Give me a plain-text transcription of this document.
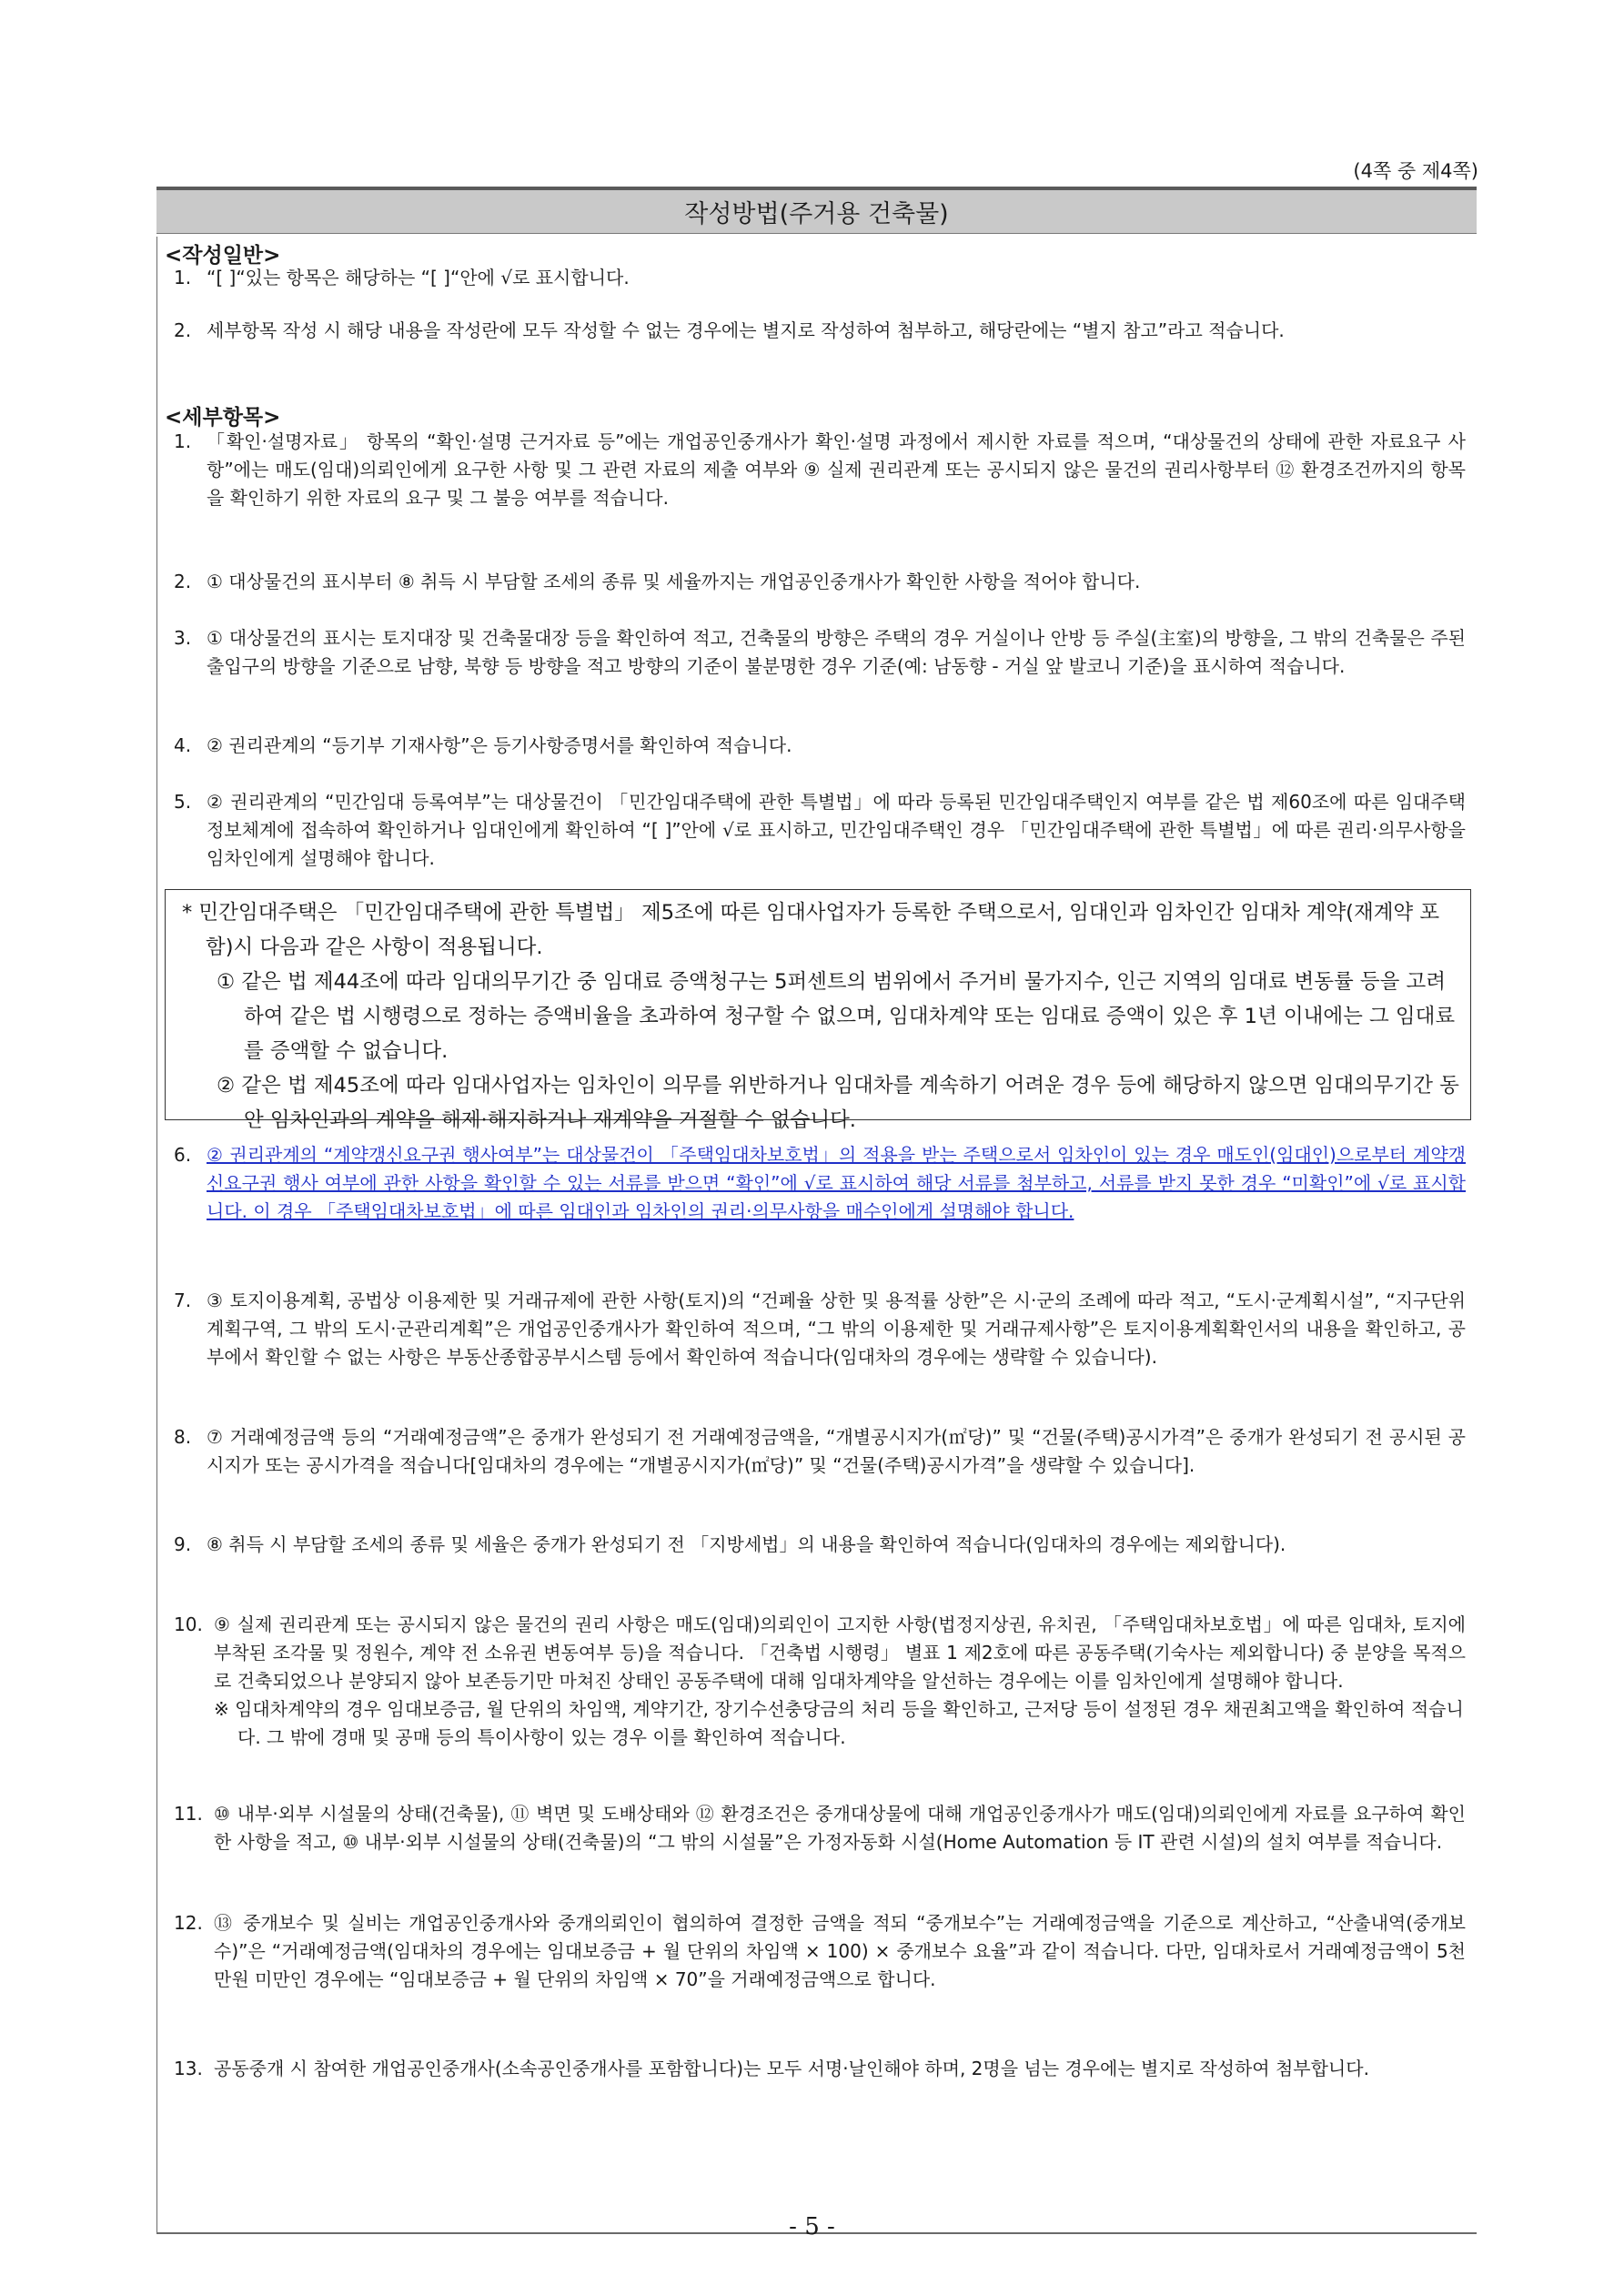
(4쪽 중 제4쪽)
작성방법(주거용 건축물)
<작성일반>
1. “[ ]“있는 항목은 해당하는 “[ ]“안에 √로 표시합니다.
2. 세부항목 작성 시 해당 내용을 작성란에 모두 작성할 수 없는 경우에는 별지로 작성하여 첨부하고, 해당란에는 “별지 참고”라고 적습니다.
<세부항목>
1. 「확인·설명자료」 항목의 “확인·설명 근거자료 등”에는 개업공인중개사가 확인·설명 과정에서 제시한 자료를 적으며, “대상물건의 상태에 관한 자료요구 사항”에는 매도(임대)의뢰인에게 요구한 사항 및 그 관련 자료의 제출 여부와 ⑨ 실제 권리관계 또는 공시되지 않은 물건의 권리사항부터 ⑫ 환경조건까지의 항목을 확인하기 위한 자료의 요구 및 그 불응 여부를 적습니다.
2. ① 대상물건의 표시부터 ⑧ 취득 시 부담할 조세의 종류 및 세율까지는 개업공인중개사가 확인한 사항을 적어야 합니다.
3. ① 대상물건의 표시는 토지대장 및 건축물대장 등을 확인하여 적고, 건축물의 방향은 주택의 경우 거실이나 안방 등 주실(主室)의 방향을, 그 밖의 건축물은 주된 출입구의 방향을 기준으로 남향, 북향 등 방향을 적고 방향의 기준이 불분명한 경우 기준(예: 남동향 - 거실 앞 발코니 기준)을 표시하여 적습니다.
4. ② 권리관계의 “등기부 기재사항”은 등기사항증명서를 확인하여 적습니다.
5. ② 권리관계의 “민간임대 등록여부”는 대상물건이 「민간임대주택에 관한 특별법」에 따라 등록된 민간임대주택인지 여부를 같은 법 제60조에 따른 임대주택정보체계에 접속하여 확인하거나 임대인에게 확인하여 “[ ]”안에 √로 표시하고, 민간임대주택인 경우 「민간임대주택에 관한 특별법」에 따른 권리·의무사항을 임차인에게 설명해야 합니다.
* 민간임대주택은 「민간임대주택에 관한 특별법」 제5조에 따른 임대사업자가 등록한 주택으로서, 임대인과 임차인간 임대차 계약(재계약 포함)시 다음과 같은 사항이 적용됩니다.
① 같은 법 제44조에 따라 임대의무기간 중 임대료 증액청구는 5퍼센트의 범위에서 주거비 물가지수, 인근 지역의 임대료 변동률 등을 고려하여 같은 법 시행령으로 정하는 증액비율을 초과하여 청구할 수 없으며, 임대차계약 또는 임대료 증액이 있은 후 1년 이내에는 그 임대료를 증액할 수 없습니다.
② 같은 법 제45조에 따라 임대사업자는 임차인이 의무를 위반하거나 임대차를 계속하기 어려운 경우 등에 해당하지 않으면 임대의무기간 동안 임차인과의 계약을 해제·해지하거나 재계약을 거절할 수 없습니다.
6. ② 권리관계의 “계약갱신요구권 행사여부”는 대상물건이 「주택임대차보호법」의 적용을 받는 주택으로서 임차인이 있는 경우 매도인(임대인)으로부터 계약갱신요구권 행사 여부에 관한 사항을 확인할 수 있는 서류를 받으면 “확인”에 √로 표시하여 해당 서류를 첨부하고, 서류를 받지 못한 경우 “미확인”에 √로 표시합니다. 이 경우 「주택임대차보호법」에 따른 임대인과 임차인의 권리·의무사항을 매수인에게 설명해야 합니다.
7. ③ 토지이용계획, 공법상 이용제한 및 거래규제에 관한 사항(토지)의 “건폐율 상한 및 용적률 상한”은 시·군의 조례에 따라 적고, “도시·군계획시설”, “지구단위계획구역, 그 밖의 도시·군관리계획”은 개업공인중개사가 확인하여 적으며, “그 밖의 이용제한 및 거래규제사항”은 토지이용계획확인서의 내용을 확인하고, 공부에서 확인할 수 없는 사항은 부동산종합공부시스템 등에서 확인하여 적습니다(임대차의 경우에는 생략할 수 있습니다).
8. ⑦ 거래예정금액 등의 “거래예정금액”은 중개가 완성되기 전 거래예정금액을, “개별공시지가(㎡당)” 및 “건물(주택)공시가격”은 중개가 완성되기 전 공시된 공시지가 또는 공시가격을 적습니다[임대차의 경우에는 “개별공시지가(㎡당)” 및 “건물(주택)공시가격”을 생략할 수 있습니다].
9. ⑧ 취득 시 부담할 조세의 종류 및 세율은 중개가 완성되기 전 「지방세법」의 내용을 확인하여 적습니다(임대차의 경우에는 제외합니다).
10. ⑨ 실제 권리관계 또는 공시되지 않은 물건의 권리 사항은 매도(임대)의뢰인이 고지한 사항(법정지상권, 유치권, 「주택임대차보호법」에 따른 임대차, 토지에 부착된 조각물 및 정원수, 계약 전 소유권 변동여부 등)을 적습니다. 「건축법 시행령」 별표 1 제2호에 따른 공동주택(기숙사는 제외합니다) 중 분양을 목적으로 건축되었으나 분양되지 않아 보존등기만 마쳐진 상태인 공동주택에 대해 임대차계약을 알선하는 경우에는 이를 임차인에게 설명해야 합니다.
※ 임대차계약의 경우 임대보증금, 월 단위의 차임액, 계약기간, 장기수선충당금의 처리 등을 확인하고, 근저당 등이 설정된 경우 채권최고액을 확인하여 적습니다. 그 밖에 경매 및 공매 등의 특이사항이 있는 경우 이를 확인하여 적습니다.
11. ⑩ 내부·외부 시설물의 상태(건축물), ⑪ 벽면 및 도배상태와 ⑫ 환경조건은 중개대상물에 대해 개업공인중개사가 매도(임대)의뢰인에게 자료를 요구하여 확인한 사항을 적고, ⑩ 내부·외부 시설물의 상태(건축물)의 “그 밖의 시설물”은 가정자동화 시설(Home Automation 등 IT 관련 시설)의 설치 여부를 적습니다.
12. ⑬ 중개보수 및 실비는 개업공인중개사와 중개의뢰인이 협의하여 결정한 금액을 적되 “중개보수”는 거래예정금액을 기준으로 계산하고, “산출내역(중개보수)”은 “거래예정금액(임대차의 경우에는 임대보증금 + 월 단위의 차임액 × 100) × 중개보수 요율”과 같이 적습니다. 다만, 임대차로서 거래예정금액이 5천만원 미만인 경우에는 “임대보증금 + 월 단위의 차임액 × 70”을 거래예정금액으로 합니다.
13. 공동중개 시 참여한 개업공인중개사(소속공인중개사를 포함합니다)는 모두 서명·날인해야 하며, 2명을 넘는 경우에는 별지로 작성하여 첨부합니다.
- 5 -
